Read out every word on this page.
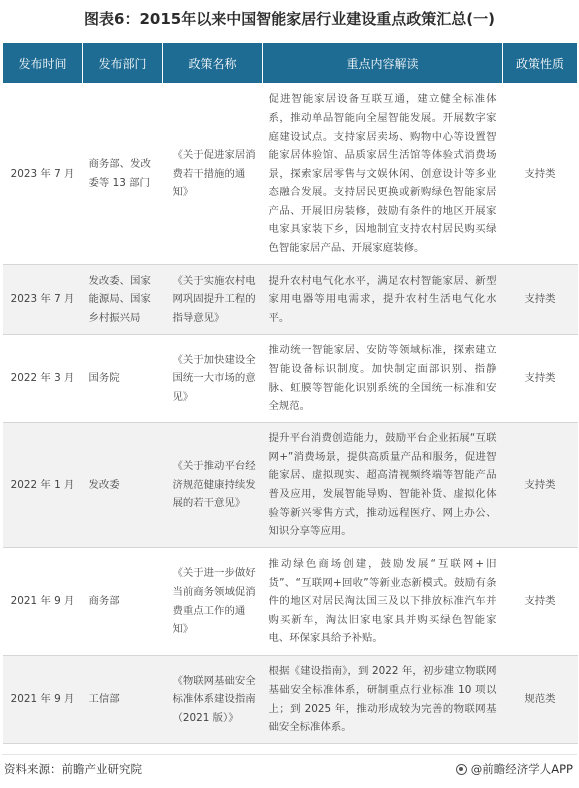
图表6：2015年以来中国智能家居行业建设重点政策汇总(一)
发布时间	发布部门	政策名称	重点内容解读	政策性质
2023 年 7 月	商务部、发改委等 13 部门	《关于促进家居消费若干措施的通知》	促进智能家居设备互联互通，建立健全标准体系，推动单品智能向全屋智能发展。开展数字家庭建设试点。支持家居卖场、购物中心等设置智能家居体验馆、品质家居生活馆等体验式消费场景，探索家居零售与文娱休闲、创意设计等多业态融合发展。支持居民更换或新购绿色智能家居产品、开展旧房装修，鼓励有条件的地区开展家电家具家装下乡，因地制宜支持农村居民购买绿色智能家居产品、开展家庭装修。	支持类
2023 年 7 月	发改委、国家能源局、国家乡村振兴局	《关于实施农村电网巩固提升工程的指导意见》	提升农村电气化水平，满足农村智能家居、新型家用电器等用电需求，提升农村生活电气化水平。	支持类
2022 年 3 月	国务院	《关于加快建设全国统一大市场的意见》	推动统一智能家居、安防等领域标准，探索建立智能设备标识制度。加快制定面部识别、指静脉、虹膜等智能化识别系统的全国统一标准和安全规范。	支持类
2022 年 1 月	发改委	《关于推动平台经济规范健康持续发展的若干意见》	提升平台消费创造能力，鼓励平台企业拓展“互联网+”消费场景，提供高质量产品和服务，促进智能家居、虚拟现实、超高清视频终端等智能产品普及应用，发展智能导购、智能补货、虚拟化体验等新兴零售方式，推动远程医疗、网上办公、知识分享等应用。	支持类
2021 年 9 月	商务部	《关于进一步做好当前商务领域促消费重点工作的通知》	推动绿色商场创建，鼓励发展“互联网+旧货”、“互联网+回收”等新业态新模式。鼓励有条件的地区对居民淘汰国三及以下排放标准汽车并购买新车，淘汰旧家电家具并购买绿色智能家电、环保家具给予补贴。	支持类
2021 年 9 月	工信部	《物联网基础安全标准体系建设指南（2021 版）》	根据《建设指南》，到 2022 年，初步建立物联网基础安全标准体系，研制重点行业标准 10 项以上；到 2025 年，推动形成较为完善的物联网基础安全标准体系。	规范类
资料来源：前瞻产业研究院	@前瞻经济学人APP
